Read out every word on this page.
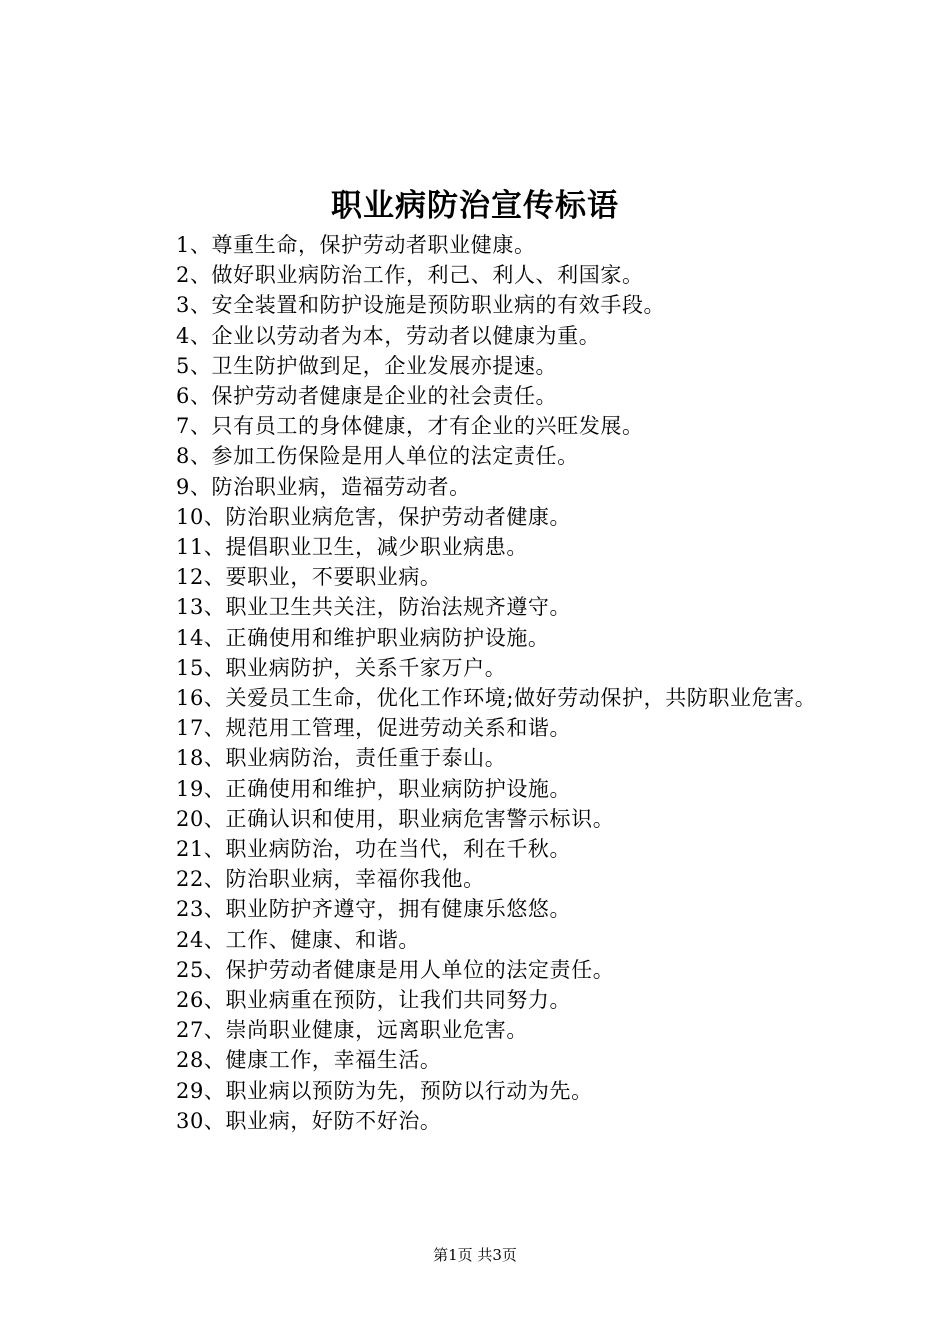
职业病防治宣传标语
1、尊重生命，保护劳动者职业健康。
2、做好职业病防治工作，利己、利人、利国家。
3、安全装置和防护设施是预防职业病的有效手段。
4、企业以劳动者为本，劳动者以健康为重。
5、卫生防护做到足，企业发展亦提速。
6、保护劳动者健康是企业的社会责任。
7、只有员工的身体健康，才有企业的兴旺发展。
8、参加工伤保险是用人单位的法定责任。
9、防治职业病，造福劳动者。
10、防治职业病危害，保护劳动者健康。
11、提倡职业卫生，减少职业病患。
12、要职业，不要职业病。
13、职业卫生共关注，防治法规齐遵守。
14、正确使用和维护职业病防护设施。
15、职业病防护，关系千家万户。
16、关爱员工生命，优化工作环境;做好劳动保护，共防职业危害。
17、规范用工管理，促进劳动关系和谐。
18、职业病防治，责任重于泰山。
19、正确使用和维护，职业病防护设施。
20、正确认识和使用，职业病危害警示标识。
21、职业病防治，功在当代，利在千秋。
22、防治职业病，幸福你我他。
23、职业防护齐遵守，拥有健康乐悠悠。
24、工作、健康、和谐。
25、保护劳动者健康是用人单位的法定责任。
26、职业病重在预防，让我们共同努力。
27、崇尚职业健康，远离职业危害。
28、健康工作，幸福生活。
29、职业病以预防为先，预防以行动为先。
30、职业病，好防不好治。
第1页 共3页
